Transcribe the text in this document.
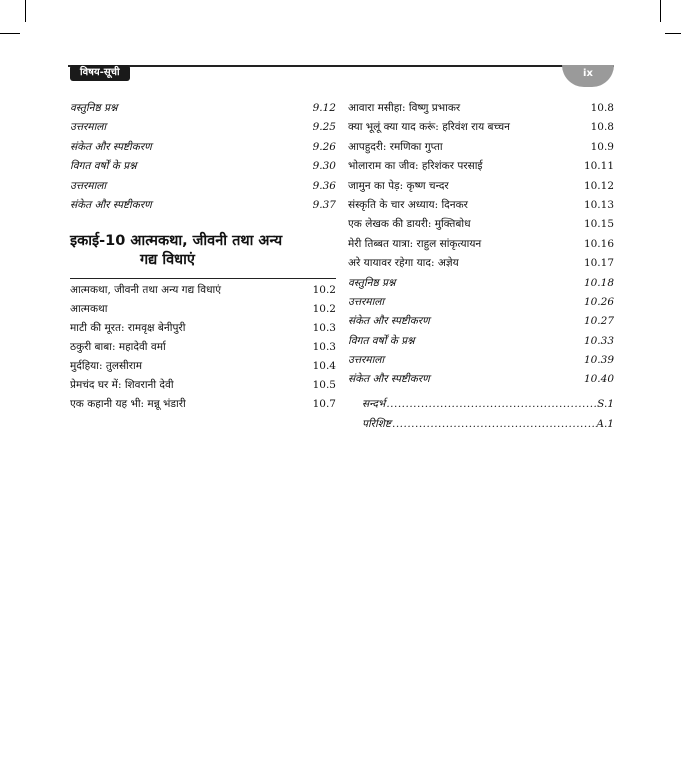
विषय-सूची	ix
वस्तुनिष्ठ प्रश्न	9.12
उत्तरमाला	9.25
संकेत और स्पष्टीकरण	9.26
विगत वर्षों के प्रश्न	9.30
उत्तरमाला	9.36
संकेत और स्पष्टीकरण	9.37
इकाई-10 आत्मकथा, जीवनी तथा अन्य
गद्य विधाएं
आत्मकथा, जीवनी तथा अन्य गद्य विधाएं	10.2
आत्मकथा	10.2
माटी की मूरत: रामवृक्ष बेनीपुरी	10.3
ठकुरी बाबा: महादेवी वर्मा	10.3
मुर्दहिया: तुलसीराम	10.4
प्रेमचंद घर में: शिवरानी देवी	10.5
एक कहानी यह भी: मन्नू भंडारी	10.7
आवारा मसीहा: विष्णु प्रभाकर	10.8
क्या भूलूं क्या याद करूं: हरिवंश राय बच्चन	10.8
आपहुदरी: रमणिका गुप्ता	10.9
भोलाराम का जीव: हरिशंकर परसाई	10.11
जामुन का पेड़: कृष्ण चन्दर	10.12
संस्कृति के चार अध्याय: दिनकर	10.13
एक लेखक की डायरी: मुक्तिबोध	10.15
मेरी तिब्बत यात्रा: राहुल सांकृत्यायन	10.16
अरे यायावर रहेगा याद: अज्ञेय	10.17
वस्तुनिष्ठ प्रश्न	10.18
उत्तरमाला	10.26
संकेत और स्पष्टीकरण	10.27
विगत वर्षों के प्रश्न	10.33
उत्तरमाला	10.39
संकेत और स्पष्टीकरण	10.40
सन्दर्भ .....	S.1
परिशिष्ट .....	A.1
